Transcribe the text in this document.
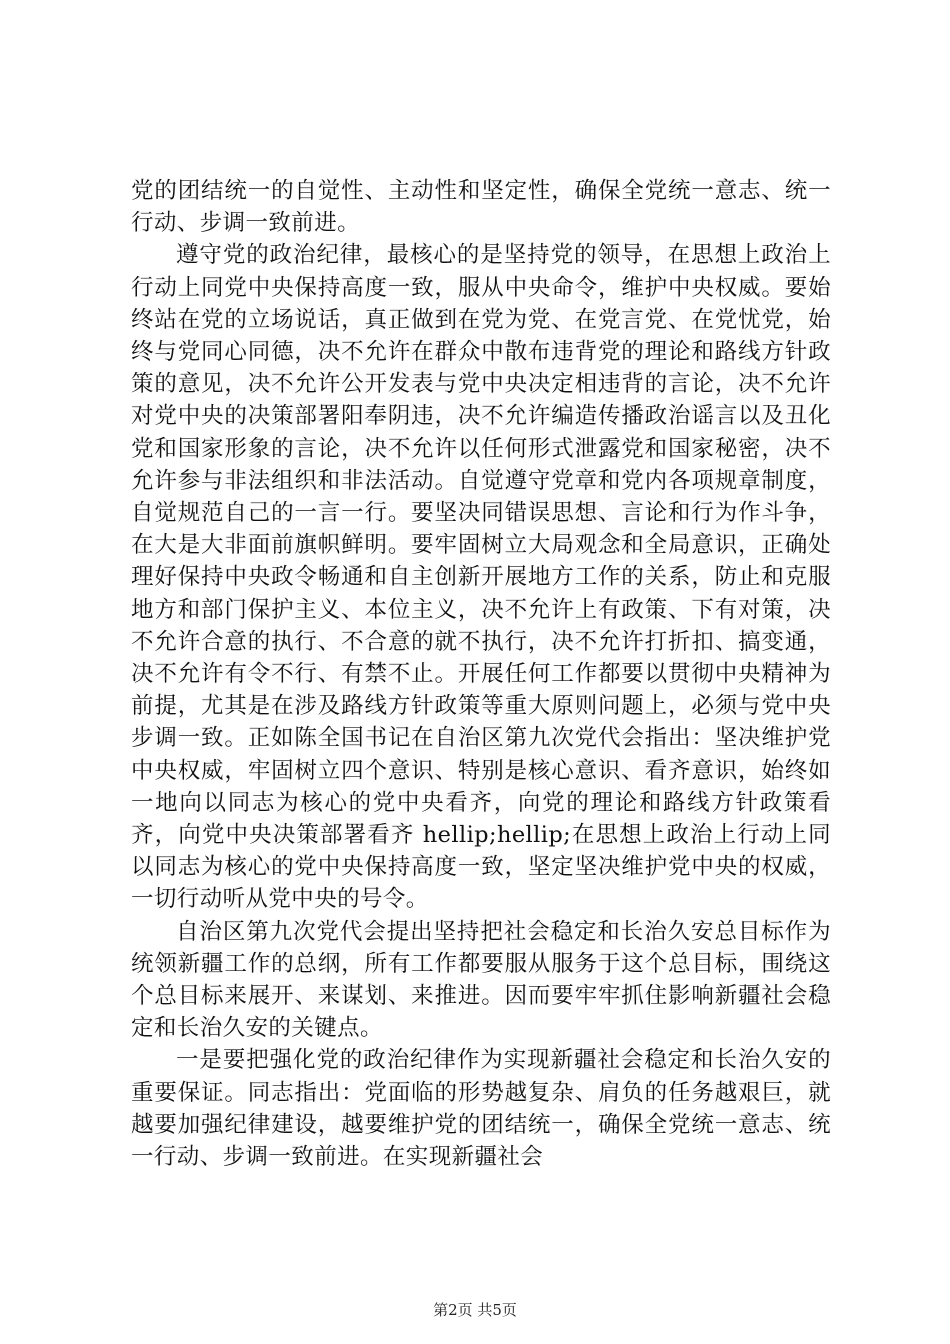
党的团结统一的自觉性、主动性和坚定性，确保全党统一意志、统一行动、步调一致前进。

遵守党的政治纪律，最核心的是坚持党的领导，在思想上政治上行动上同党中央保持高度一致，服从中央命令，维护中央权威。要始终站在党的立场说话，真正做到在党为党、在党言党、在党忧党，始终与党同心同德，决不允许在群众中散布违背党的理论和路线方针政策的意见，决不允许公开发表与党中央决定相违背的言论，决不允许对党中央的决策部署阳奉阴违，决不允许编造传播政治谣言以及丑化党和国家形象的言论，决不允许以任何形式泄露党和国家秘密，决不允许参与非法组织和非法活动。自觉遵守党章和党内各项规章制度，自觉规范自己的一言一行。要坚决同错误思想、言论和行为作斗争，在大是大非面前旗帜鲜明。要牢固树立大局观念和全局意识，正确处理好保持中央政令畅通和自主创新开展地方工作的关系，防止和克服地方和部门保护主义、本位主义，决不允许上有政策、下有对策，决不允许合意的执行、不合意的就不执行，决不允许打折扣、搞变通，决不允许有令不行、有禁不止。开展任何工作都要以贯彻中央精神为前提，尤其是在涉及路线方针政策等重大原则问题上，必须与党中央步调一致。正如陈全国书记在自治区第九次党代会指出：坚决维护党中央权威，牢固树立四个意识、特别是核心意识、看齐意识，始终如一地向以同志为核心的党中央看齐，向党的理论和路线方针政策看齐，向党中央决策部署看齐 hellip;hellip;在思想上政治上行动上同以同志为核心的党中央保持高度一致，坚定坚决维护党中央的权威，一切行动听从党中央的号令。

自治区第九次党代会提出坚持把社会稳定和长治久安总目标作为统领新疆工作的总纲，所有工作都要服从服务于这个总目标，围绕这个总目标来展开、来谋划、来推进。因而要牢牢抓住影响新疆社会稳定和长治久安的关键点。

一是要把强化党的政治纪律作为实现新疆社会稳定和长治久安的重要保证。同志指出：党面临的形势越复杂、肩负的任务越艰巨，就越要加强纪律建设，越要维护党的团结统一，确保全党统一意志、统一行动、步调一致前进。在实现新疆社会

第2页 共5页
